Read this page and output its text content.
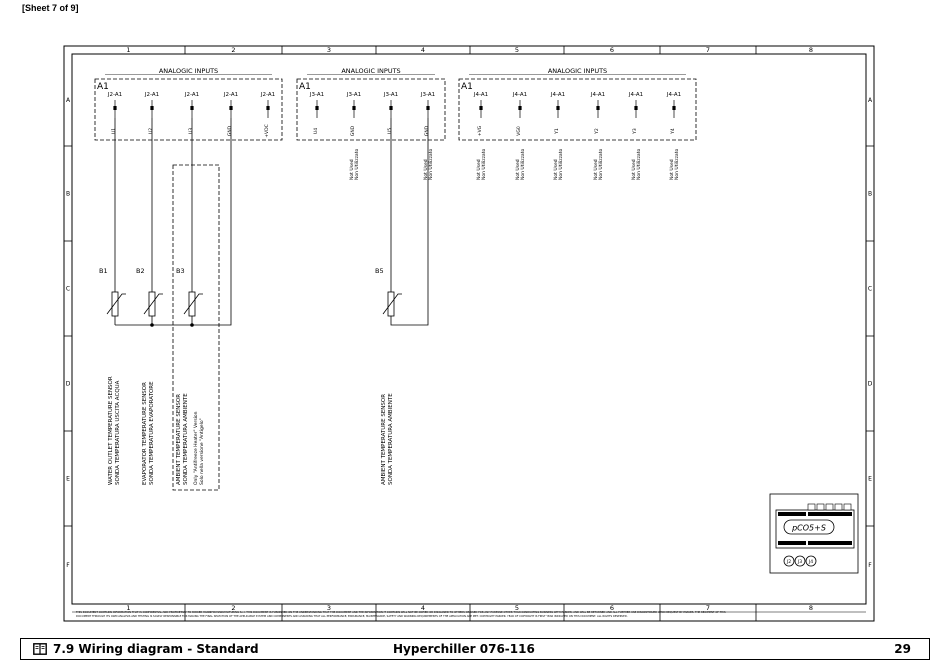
[Sheet 7 of 9]
1
1
2
2
3
3
4
4
5
5
6
6
7
7
8
8
A	A
B	B
C	C
D	D
E	E
F	F
ANALOGIC INPUTS
A1
J2-A1
U1
J2-A1
U2
J2-A1
U3
J2-A1
GND
J2-A1
+VDC
ANALOGIC INPUTS
A1
J3-A1
U4
J3-A1
GND
J3-A1
U5
J3-A1
GND
ANALOGIC INPUTS
A1
J4-A1
+VG
J4-A1
VG0
J4-A1
Y1
J4-A1
Y2
J4-A1
Y3
J4-A1
Y4
Not Used Non Utilizzato	Not Used Non Utilizzato	Not Used Non Utilizzato	Not Used Non Utilizzato	Not Used Non Utilizzato	Not Used Non Utilizzato	Not Used Non Utilizzato	Not Used Non Utilizzato
B1
WATER OUTLET TEMPERATURE SENSOR SONDA TEMPERATURA USCITA ACQUA
B2
EVAPORATOR TEMPERATURE SENSOR SONDA TEMPERATURA EVAPORATORE
B3
AMBIENT TEMPERATURE SENSOR SONDA TEMPERATURA AMBIENTE Only "Antifreeze Heater" Version Solo nella versione "Antigelo"
B5
AMBIENT TEMPERATURE SENSOR SONDA TEMPERATURA AMBIENTE
pCO5+S
J2 J3 J4
THIS DOCUMENT CONTAINS INFORMATION THAT IS CONFIDENTIAL AND PROPRIETARY TO PARKER HANNIFIN MANUFACTURING S.r.l. THIS DOCUMENT IS FURNISHED ON THE UNDERSTANDING THAT THE DOCUMENT AND THE INFORMATION IT CONTAINS WILL NOT BE COPIED OR DISCLOSED TO OTHERS OR USED FOR ANY PURPOSE OTHER THAN CONDUCTING BUSINESS WITH PARKER, AND WILL BE RETURNED AND ALL FURTHER USE DISCONTINUED UPON REQUEST BY PARKER. THE RECIPIENT OF THIS
DOCUMENT THROUGH ITS OWN ANALYSIS AND TESTING IS SOLELY RESPONSIBLE FOR MAKING THE FINAL SELECTION OF THE APPLICABLE SYSTEM AND COMPONENTS AND ASSURING THAT ALL PERFORMANCE, ENDURANCE, MAINTENANCE, SAFETY AND WARNING REQUIREMENTS OF THE APPLICATION ARE MET. COPYRIGHT PARKER. YEAR OF COPYRIGHT IS FIRST YEAR INDICATED ON THIS DOCUMENT. ALL RIGHTS RESERVED.
7.9 Wiring diagram - Standard	Hyperchiller 076-116	29
